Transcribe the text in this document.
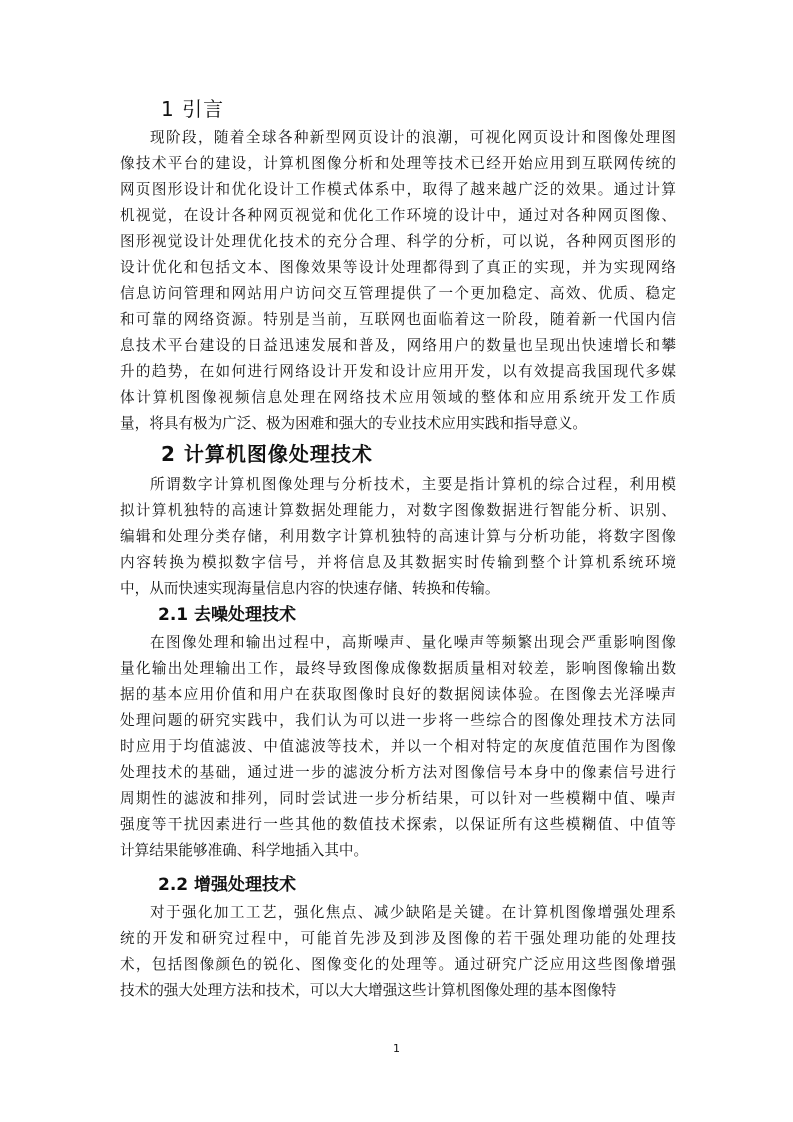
1 引言
现阶段，随着全球各种新型网页设计的浪潮，可视化网页设计和图像处理图
像技术平台的建设，计算机图像分析和处理等技术已经开始应用到互联网传统的
网页图形设计和优化设计工作模式体系中，取得了越来越广泛的效果。通过计算
机视觉，在设计各种网页视觉和优化工作环境的设计中，通过对各种网页图像、
图形视觉设计处理优化技术的充分合理、科学的分析，可以说，各种网页图形的
设计优化和包括文本、图像效果等设计处理都得到了真正的实现，并为实现网络
信息访问管理和网站用户访问交互管理提供了一个更加稳定、高效、优质、稳定
和可靠的网络资源。特别是当前，互联网也面临着这一阶段，随着新一代国内信
息技术平台建设的日益迅速发展和普及，网络用户的数量也呈现出快速增长和攀
升的趋势，在如何进行网络设计开发和设计应用开发，以有效提高我国现代多媒
体计算机图像视频信息处理在网络技术应用领域的整体和应用系统开发工作质
量，将具有极为广泛、极为困难和强大的专业技术应用实践和指导意义。
2 计算机图像处理技术
所谓数字计算机图像处理与分析技术，主要是指计算机的综合过程，利用模
拟计算机独特的高速计算数据处理能力，对数字图像数据进行智能分析、识别、
编辑和处理分类存储，利用数字计算机独特的高速计算与分析功能，将数字图像
内容转换为模拟数字信号，并将信息及其数据实时传输到整个计算机系统环境
中，从而快速实现海量信息内容的快速存储、转换和传输。
2.1 去噪处理技术
在图像处理和输出过程中，高斯噪声、量化噪声等频繁出现会严重影响图像
量化输出处理输出工作，最终导致图像成像数据质量相对较差，影响图像输出数
据的基本应用价值和用户在获取图像时良好的数据阅读体验。在图像去光泽噪声
处理问题的研究实践中，我们认为可以进一步将一些综合的图像处理技术方法同
时应用于均值滤波、中值滤波等技术，并以一个相对特定的灰度值范围作为图像
处理技术的基础，通过进一步的滤波分析方法对图像信号本身中的像素信号进行
周期性的滤波和排列，同时尝试进一步分析结果，可以针对一些模糊中值、噪声
强度等干扰因素进行一些其他的数值技术探索，以保证所有这些模糊值、中值等
计算结果能够准确、科学地插入其中。
2.2 增强处理技术
对于强化加工工艺，强化焦点、减少缺陷是关键。在计算机图像增强处理系
统的开发和研究过程中，可能首先涉及到涉及图像的若干强处理功能的处理技
术，包括图像颜色的锐化、图像变化的处理等。通过研究广泛应用这些图像增强
技术的强大处理方法和技术，可以大大增强这些计算机图像处理的基本图像特
1
